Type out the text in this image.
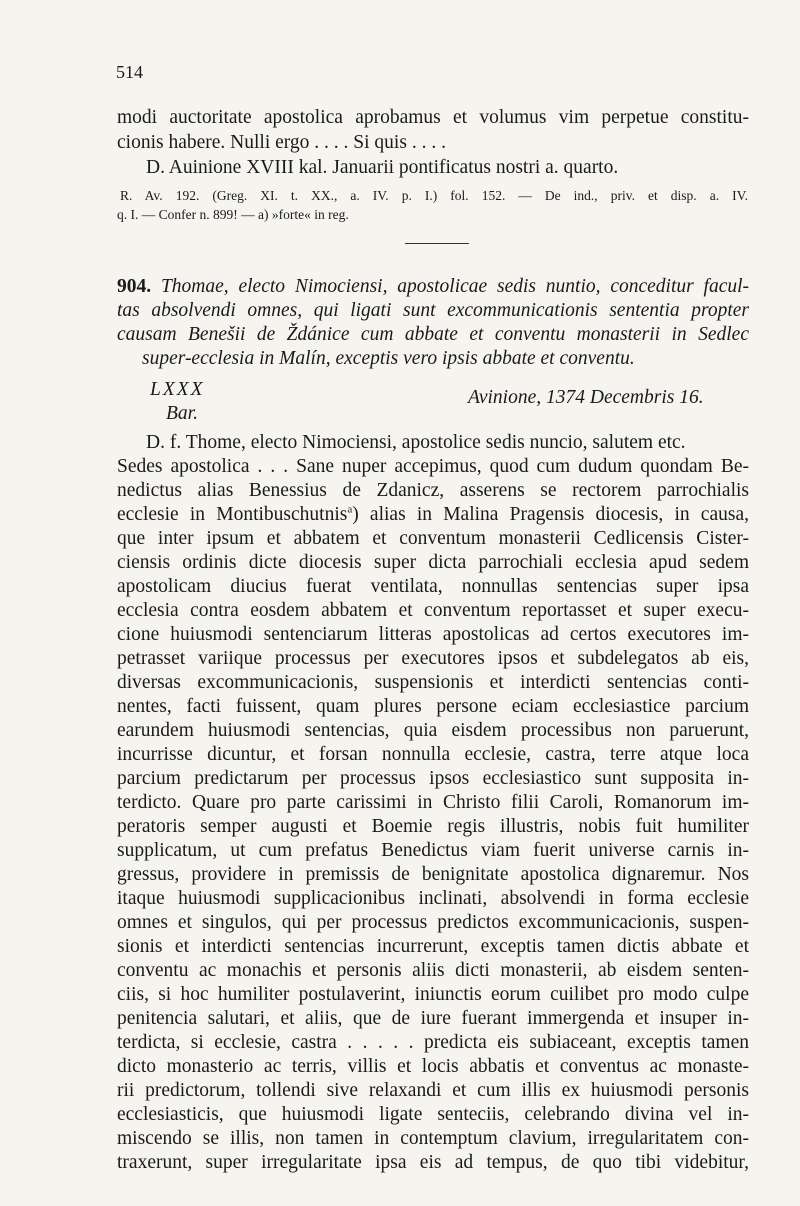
514
modi auctoritate apostolica aprobamus et volumus vim perpetue constitu-
cionis habere. Nulli ergo . . . . Si quis . . . .
D. Auinione XVIII kal. Januarii pontificatus nostri a. quarto.
R. Av. 192. (Greg. XI. t. XX., a. IV. p. I.) fol. 152. — De ind., priv. et disp. a. IV.
q. I. — Confer n. 899! — a) »forte« in reg.
904. Thomae, electo Nimociensi, apostolicae sedis nuntio, conceditur facul-
tas absolvendi omnes, qui ligati sunt excommunicationis sententia propter
causam Benešii de Ždánice cum abbate et conventu monasterii in Sedlec
super-ecclesia in Malín, exceptis vero ipsis abbate et conventu.
LXXX
Bar.
Avinione, 1374 Decembris 16.
D. f. Thome, electo Nimociensi, apostolice sedis nuncio, salutem etc.
Sedes apostolica . . . Sane nuper accepimus, quod cum dudum quondam Be-
nedictus alias Benessius de Zdanicz, asserens se rectorem parrochialis
ecclesie in Montibuschutnis$^a$) alias in Malina Pragensis diocesis, in causa,
que inter ipsum et abbatem et conventum monasterii Cedlicensis Cister-
ciensis ordinis dicte diocesis super dicta parrochiali ecclesia apud sedem
apostolicam diucius fuerat ventilata, nonnullas sentencias super ipsa
ecclesia contra eosdem abbatem et conventum reportasset et super execu-
cione huiusmodi sentenciarum litteras apostolicas ad certos executores im-
petrasset variique processus per executores ipsos et subdelegatos ab eis,
diversas excommunicacionis, suspensionis et interdicti sentencias conti-
nentes, facti fuissent, quam plures persone eciam ecclesiastice parcium
earundem huiusmodi sentencias, quia eisdem processibus non paruerunt,
incurrisse dicuntur, et forsan nonnulla ecclesie, castra, terre atque loca
parcium predictarum per processus ipsos ecclesiastico sunt supposita in-
terdicto. Quare pro parte carissimi in Christo filii Caroli, Romanorum im-
peratoris semper augusti et Boemie regis illustris, nobis fuit humiliter
supplicatum, ut cum prefatus Benedictus viam fuerit universe carnis in-
gressus, providere in premissis de benignitate apostolica dignaremur. Nos
itaque huiusmodi supplicacionibus inclinati, absolvendi in forma ecclesie
omnes et singulos, qui per processus predictos excommunicacionis, suspen-
sionis et interdicti sentencias incurrerunt, exceptis tamen dictis abbate et
conventu ac monachis et personis aliis dicti monasterii, ab eisdem senten-
ciis, si hoc humiliter postulaverint, iniunctis eorum cuilibet pro modo culpe
penitencia salutari, et aliis, que de iure fuerant immergenda et insuper in-
terdicta, si ecclesie, castra . . . . . predicta eis subiaceant, exceptis tamen
dicto monasterio ac terris, villis et locis abbatis et conventus ac monaste-
rii predictorum, tollendi sive relaxandi et cum illis ex huiusmodi personis
ecclesiasticis, que huiusmodi ligate senteciis, celebrando divina vel in-
miscendo se illis, non tamen in contemptum clavium, irregularitatem con-
traxerunt, super irregularitate ipsa eis ad tempus, de quo tibi videbitur,
